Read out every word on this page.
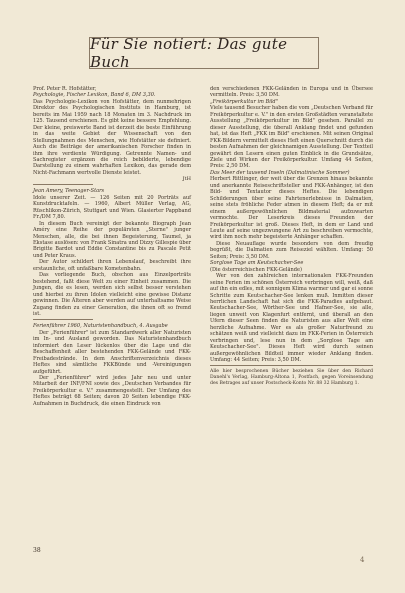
Für Sie notiert: Das gute Buch

Prof. Peter R. Hofstätter,

Psychologie, Fischer Lexikon, Band 6, DM 3,30.

Das Psychologie-Lexikon von Hofstätter, dem nunmehrigen Direktor des Psychologischen Instituts in Hamburg, ist bereits im Mai 1959 nach 18 Monaten im 3. Nachdruck im 125. Tausend erschienen. Es gibt keine bessere Empfehlung. Der kleine, preiswerte Band ist derzeit die beste Einführung in das weite Gebiet der Wissenschaft von den Stellungnahmen des Menschen, wie Hofstätter sie definiert. Auch die Beiträge der amerikanischen Forscher finden in ihm ihre verdiente Würdigung. Getrennte Namen- und Sachregister ergänzen die reich bebilderte, lebendige Darstellung zu einem wahrhaften Lexikon, das gerade dem Nicht-Fachmann wertvolle Dienste leistet.

JtH

Jean Amery, Teenager-Stars

Idole unserer Zeit. — 126 Seiten mit 20 Porträts auf Kunstdrucktafeln. — 1960, Albert Müller Verlag, AG, Rüschlikon-Zürich, Stuttgart und Wien. Glasierter Pappband Fr./DM 7,80.

In diesem Buch vereinigt der bekannte Biograph Jean Améry eine Reihe der populärsten „Sterne" junger Menschen, alle, die bei ihnen Begeisterung, Taumel, ja Ekstase auslösen: von Frank Sinatra und Dizzy Gillespie über Brigitte Bardot und Eddie Constantine bis zu Pascale Petit und Peter Kraus.

Der Autor schildert ihren Lebenslauf, beschreibt ihre erstaunliche, oft unfaßbare Kometenbahn.

Das vorliegende Buch, obschon aus Einzelporträts bestehend, faßt diese Welt zu einer Einheit zusammen. Die Jungen, die es lesen, werden sich selbst besser verstehen und hierbei zu ihren Idolen vielleicht eine gewisse Distanz gewinnen. Die Älteren aber werden auf unterhaltsame Weise Zugang finden zu einer Generation, die ihnen oft so fremd ist.

Ferienführer 1960, Naturistenhandbuch, 4. Ausgabe

Der „Ferienführer" ist zum Standardwerk aller Naturisten im In- und Ausland geworden. Das Naturistenhandbuch informiert den Leser lückenlos über die Lage und die Beschaffenheit aller bestehenden FKK-Gelände und FKK-Freibadestrände. In dem Anschriftenverzeichnis dieses Heftes sind sämtliche FKKBünde und -Vereinigungen aufgeführt.

Der „Ferienführer" wird jedes Jahr neu und unter Mitarbeit der INF/FNI sowie des „Deutschen Verbandes für Freikörperkultur e. V." zusammengestellt. Der Umfang des Heftes beträgt 68 Seiten; davon 20 Seiten lebendige FKK-Aufnahmen in Buchdruck, die einen Eindruck von

den verschiedenen FKK-Geländen in Europa und in Übersee vermitteln. Preis: 3,50 DM.

„Freikörperkultur im Bild"

Viele tausend Besucher haben die vom „Deutschen Verband für Freikörperkultur e. V." in den ersten Großstädten veranstaltete Ausstellung „Freikörperkultur im Bild" gesehen. Parallel zu dieser Ausstellung, die überall Anklang findet und gefunden hat, ist das Heft „FKK im Bild" erschienen. Mit seinen Original FKK-Bildern vermittelt dieses Heft einen Querschnitt durch die besten Aufnahmen der gleichnamigen Ausstellung. Der Textteil gewährt den Lesern einen guten Einblick in die Grundsätze, Ziele und Wirken der Freikörperkultur. Umfang 44 Seiten, Preis: 2,50 DM.

Das Meer der tausend Inseln (Dalmatinische Sommer)

Herbert Rittlinger, der weit über die Grenzen hinaus bekannte und anerkannte Reiseschriftsteller und FKK-Anhänger, ist den Bild- und Textautor dieses Heftes. Die lebendigen Schilderungen über seine Fahrtenerlebnisse in Dalmatien, seine stets fröhliche Feder atmen in diesem Heft; da er mit einem außergewöhnlichen Bildmaterial aufzuwarten vermochte. Der Leserkreis dieses Freunden der Freikörperkultur ist groß. Dieses Heft, in dem er Land und Leute auf seine ungezwungene Art zu beschreiben vermochte, wird ihm noch mehr begeisterte Anhänger schaffen.

Diese Neuauflage wurde besonders von dem freudig begrüßt, die Dalmatien zum Reiseziel wählten. Umfang: 50 Seiten; Preis: 3,50 DM.

Sorglose Tage am Keutschacher-See

(Die österreichischen FKK-Gelände)

Wer von den zahlreichen internationalen FKK-Freunden seine Ferien im schönen Österreich verbringen will, weiß, daß auf ihn ein edles, mit sonnigem Klima warmer und gar ei sonne Schritte zum Keutschacher-See lenken muß. Inmitten dieser herrlichen Landschaft hat sich die FKK-Paradies aufgebaut. Keutschacher-See, Wörther-See und Hafner-See, sie alle, liegen unweit von Klagenfurt entfernt, und überall an den Ufern dieser Seen finden die Naturisten aus aller Welt eine herzliche Aufnahme. Wer es als großer Naturfreund zu schätzen weiß und vielleicht dazu im FKK-Ferien in Österreich verbringen und, lese nun in dem „Sorglose Tage am Keutschacher-See". Dieses Heft wird durch seinen außergewöhnlichen Bildteil immer wieder Anklang finden. Umfang: 44 Seiten; Preis: 3,50 DM.

Alle hier besprochenen Bücher beziehen Sie über den Richard Danehl's Verlag, Hamburg-Altona 1, Postfach, gegen Voreinsendung des Betrages auf unser Postscheck-Konto Nr. 88 32 Hamburg 1.

38
4
